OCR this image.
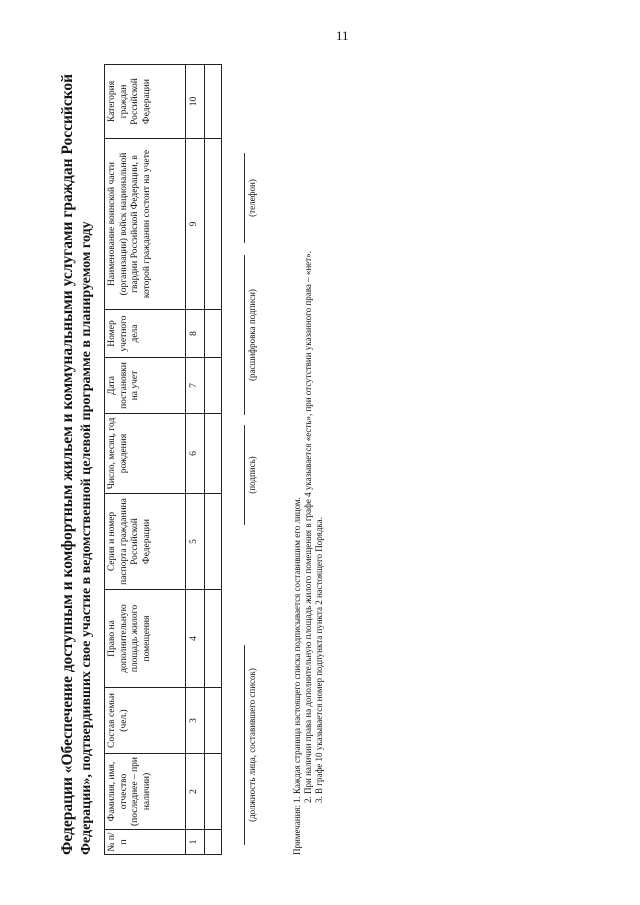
11
Федерации «Обеспечение доступным и комфортным жильем и коммунальными услугами граждан Российской Федерации», подтвердивших свое участие в ведомственной целевой программе в планируемом году № п/п	Фамилия, имя, отчество (последнее – при наличии)	Состав семьи (чел.)	Право на дополнительную площадь жилого помещения	Серия и номер паспорта гражданина Российской Федерации	Число, месяц, год рождения	Дата постановки на учет	Номер учетного дела	Наименование воинской части (организации) войск национальной гвардии Российской Федерации, в которой гражданин состоит на учете	Категория граждан Российской Федерации
1	2	3	4	5	6	7	8	9	10

(должность лица, составившего список)
(подпись)
(расшифровка подписи)
(телефон)
Примечания:
1. Каждая страница настоящего списка подписывается составившим его лицом. 2. При наличии права на дополнительную площадь жилого помещения в графе 4 указывается «есть», при отсутствии указанного права – «нет». 3. В графе 10 указывается номер подпункта пункта 2 настоящего Порядка.
